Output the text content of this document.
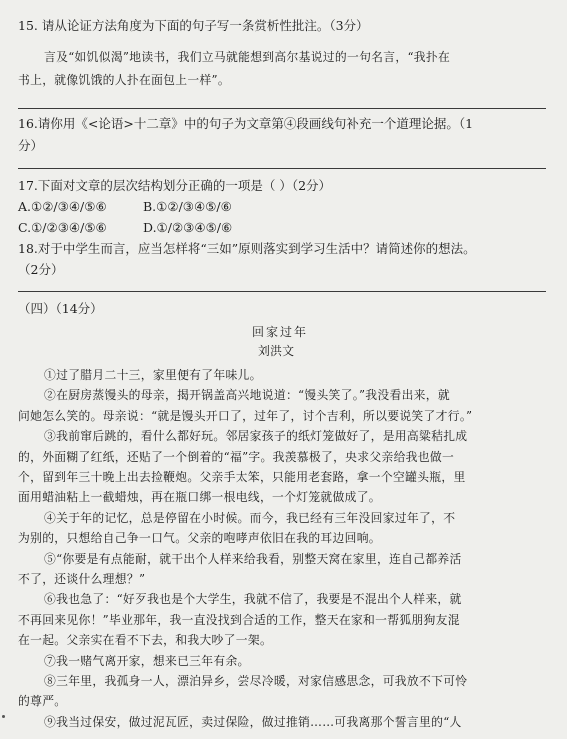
15. 请从论证方法角度为下面的句子写一条赏析性批注。（3分）
言及“如饥似渴”地读书，我们立马就能想到高尔基说过的一句名言，“我扑在
书上，就像饥饿的人扑在面包上一样”。
16.请你用《<论语>十二章》中的句子为文章第④段画线句补充一个道理论据。（1
分）
17.下面对文章的层次结构划分正确的一项是（ ）（2分）
A.①②/③④/⑤⑥	B.①②/③④⑤/⑥
C.①/②③④/⑤⑥	D.①/②③④⑤/⑥
18.对于中学生而言，应当怎样将“三如”原则落实到学习生活中？请简述你的想法。
（2分）
（四）（14分）
回家过年
刘洪文
①过了腊月二十三，家里便有了年味儿。
②在厨房蒸馒头的母亲，揭开锅盖高兴地说道：“馒头笑了。”我没看出来，就
问她怎么笑的。母亲说：“就是馒头开口了，过年了，讨个吉利，所以要说笑了才行。”
③我前窜后跳的，看什么都好玩。邻居家孩子的纸灯笼做好了，是用高粱秸扎成
的，外面糊了红纸，还贴了一个倒着的“福”字。我羡慕极了，央求父亲给我也做一
个，留到年三十晚上出去捡鞭炮。父亲手太笨，只能用老套路，拿一个空罐头瓶，里
面用蜡油粘上一截蜡烛，再在瓶口绑一根电线，一个灯笼就做成了。
④关于年的记忆，总是停留在小时候。而今，我已经有三年没回家过年了，不
为别的，只想给自己争一口气。父亲的咆哮声依旧在我的耳边回响。
⑤“你要是有点能耐，就干出个人样来给我看，别整天窝在家里，连自己都养活
不了，还谈什么理想？”
⑥我也急了：“好歹我也是个大学生，我就不信了，我要是不混出个人样来，就
不再回来见你！”毕业那年，我一直没找到合适的工作，整天在家和一帮狐朋狗友混
在一起。父亲实在看不下去，和我大吵了一架。
⑦我一赌气离开家，想来已三年有余。
⑧三年里，我孤身一人，漂泊异乡，尝尽冷暖，对家信感思念，可我放不下可怜
的尊严。
⑨我当过保安，做过泥瓦匠，卖过保险，做过推销……可我离那个誓言里的“人
